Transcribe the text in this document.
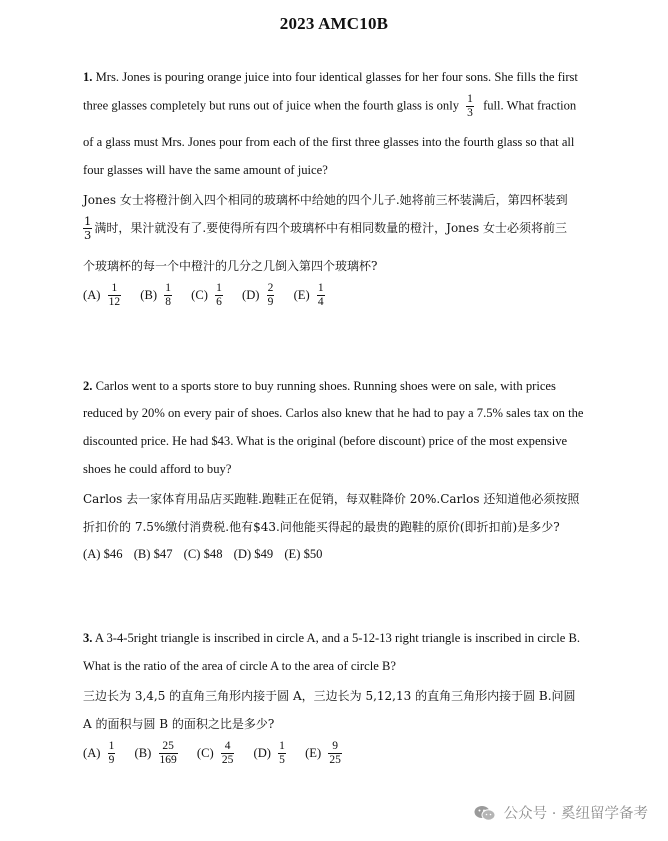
2023 AMC10B
1. Mrs. Jones is pouring orange juice into four identical glasses for her four sons. She fills the first
three glasses completely but runs out of juice when the fourth glass is only $\frac{1}{3}$ full. What fraction
of a glass must Mrs. Jones pour from each of the first three glasses into the fourth glass so that all
four glasses will have the same amount of juice?
Jones 女士将橙汁倒入四个相同的玻璃杯中给她的四个儿子.她将前三杯装满后，第四杯装到
$\frac{1}{3}$ 满时，果汁就没有了.要使得所有四个玻璃杯中有相同数量的橙汁，Jones 女士必须将前三
个玻璃杯的每一个中橙汁的几分之几倒入第四个玻璃杯?
$(A) \frac{1}{12} (B) \frac{1}{8} (C) \frac{1}{6} (D) \frac{2}{9} (E) \frac{1}{4}$
2. Carlos went to a sports store to buy running shoes. Running shoes were on sale, with prices
reduced by 20% on every pair of shoes. Carlos also knew that he had to pay a 7.5% sales tax on the
discounted price. He had $43. What is the original (before discount) price of the most expensive
shoes he could afford to buy?
Carlos 去一家体育用品店买跑鞋.跑鞋正在促销，每双鞋降价 20%.Carlos 还知道他必须按照
折扣价的 7.5%缴付消费税.他有$43.问他能买得起的最贵的跑鞋的原价(即折扣前)是多少?
(A) $46 (B) $47 (C) $48 (D) $49 (E) $50
3. A 3-4-5right triangle is inscribed in circle A, and a 5-12-13 right triangle is inscribed in circle B.
What is the ratio of the area of circle A to the area of circle B?
三边长为 3,4,5 的直角三角形内接于圆 A，三边长为 5,12,13 的直角三角形内接于圆 B.问圆
A 的面积与圆 B 的面积之比是多少?
$(A) \frac{1}{9} (B) \frac{25}{169} (C) \frac{4}{25} (D) \frac{1}{5} (E) \frac{9}{25}$
公众号 · 奚纽留学备考
